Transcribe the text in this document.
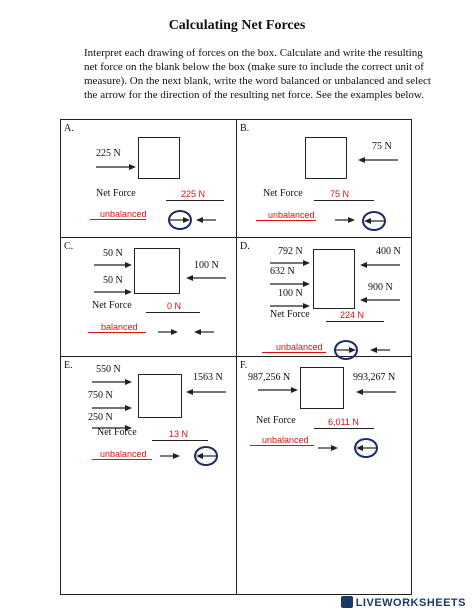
Calculating Net Forces

Interpret each drawing of forces on the box. Calculate and write the resulting net force on the blank below the box (make sure to include the correct unit of measure). On the next blank, write the word balanced or unbalanced and select the arrow for the direction of the resulting net force. See the examples below.

A.
225 N
Net Force	225 N
unbalanced
B.
75 N
Net Force	75 N
unbalanced
C.
50 N
50 N
100 N
Net Force	0 N
balanced
D.	792 N
632 N
100 N
400 N
900 N
Net Force	224 N
unbalanced
E. 550 N
750 N
250 N
1563 N
Net Force	13 N
unbalanced
F.
987,256 N	993,267 N
Net Force	6,011 N
unbalanced
LIVEWORKSHEETS
